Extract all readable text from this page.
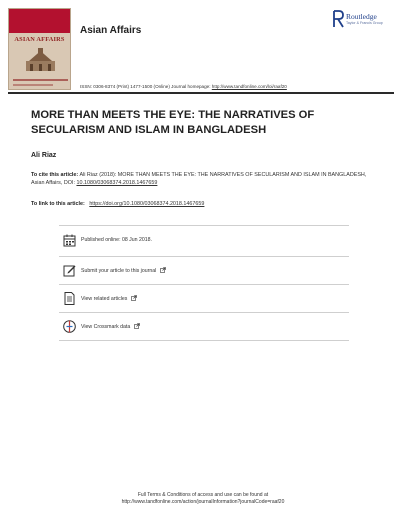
ASIAN AFFAIRS
Asian Affairs
ISSN: 0306-8374 (Print) 1477-1500 (Online) Journal homepage: http://www.tandfonline.com/loi/raaf20
Routledge
Taylor & Francis Group
MORE THAN MEETS THE EYE: THE NARRATIVES OF SECULARISM AND ISLAM IN BANGLADESH
Ali Riaz
To cite this article: Ali Riaz (2018): MORE THAN MEETS THE EYE: THE NARRATIVES OF SECULARISM AND ISLAM IN BANGLADESH, Asian Affairs, DOI: 10.1080/03068374.2018.1467659
To link to this article: https://doi.org/10.1080/03068374.2018.1467659
Published online: 08 Jun 2018.
Submit your article to this journal
View related articles
View Crossmark data
Full Terms & Conditions of access and use can be found at
http://www.tandfonline.com/action/journalInformation?journalCode=raaf20
